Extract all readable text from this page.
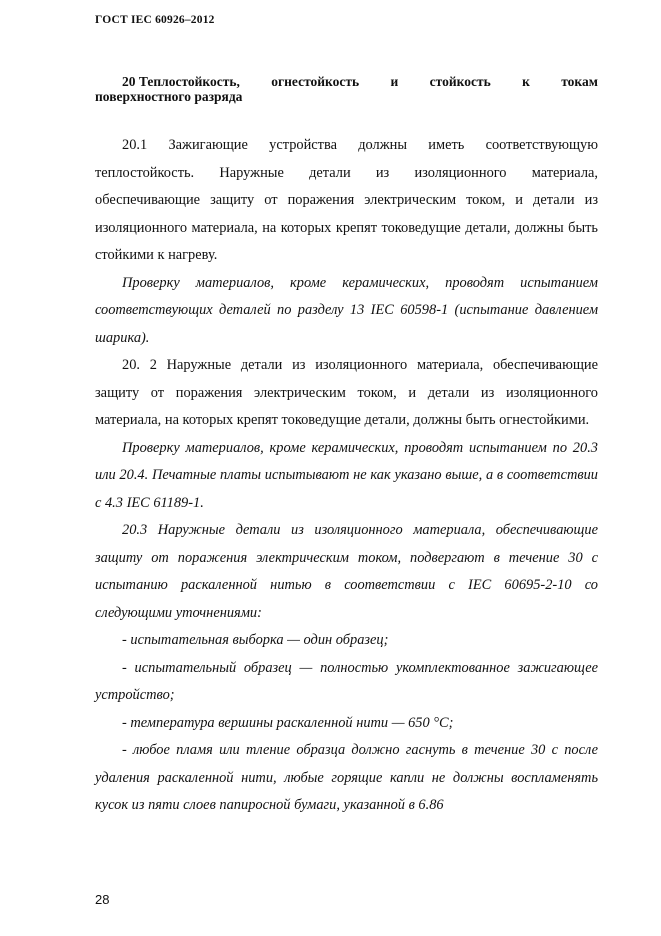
ГОСТ IEC 60926–2012
20 Теплостойкость, огнестойкость и стойкость к токам
поверхностного разряда

20.1 Зажигающие устройства должны иметь соответствующую теплостойкость. Наружные детали из изоляционного материала, обеспечивающие защиту от поражения электрическим током, и детали из изоляционного материала, на которых крепят токоведущие детали, должны быть стойкими к нагреву.

Проверку материалов, кроме керамических, проводят испытанием соответствующих деталей по разделу 13 IEC 60598-1 (испытание давлением шарика).

20. 2 Наружные детали из изоляционного материала, обеспечивающие защиту от поражения электрическим током, и детали из изоляционного материала, на которых крепят токоведущие детали, должны быть огнестойкими.

Проверку материалов, кроме керамических, проводят испытанием по 20.3 или 20.4. Печатные платы испытывают не как указано выше, а в соответствии с 4.3 IEC 61189-1.

20.3 Наружные детали из изоляционного материала, обеспечивающие защиту от поражения электрическим током, подвергают в течение 30 с испытанию раскаленной нитью в соответствии с IEC 60695-2-10 со следующими уточнениями:

- испытательная выборка — один образец;

- испытательный образец — полностью укомплектованное зажигающее устройство;

- температура вершины раскаленной нити — 650 °С;

- любое пламя или тление образца должно гаснуть в течение 30 с после удаления раскаленной нити, любые горящие капли не должны воспламенять кусок из пяти слоев папиросной бумаги, указанной в 6.86

28
